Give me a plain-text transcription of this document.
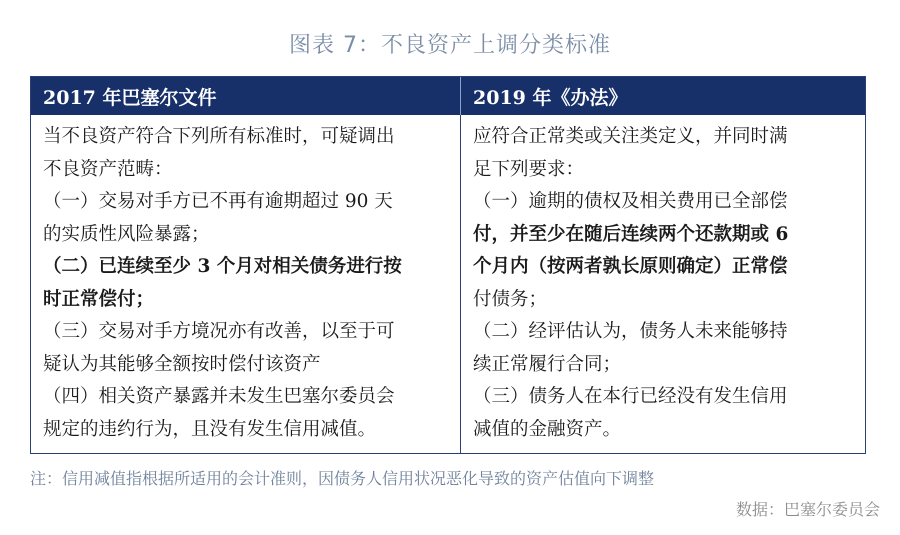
图表 7：不良资产上调分类标准
2017 年巴塞尔文件	2019 年《办法》

当不良资产符合下列所有标准时，可疑调出

不良资产范畴：

（一）交易对手方已不再有逾期超过 90 天

的实质性风险暴露；

（二）已连续至少 3 个月对相关债务进行按

时正常偿付；

（三）交易对手方境况亦有改善，以至于可

疑认为其能够全额按时偿付该资产

（四）相关资产暴露并未发生巴塞尔委员会

规定的违约行为，且没有发生信用减值。

应符合正常类或关注类定义，并同时满

足下列要求：

（一）逾期的债权及相关费用已全部偿

付，并至少在随后连续两个还款期或 6

个月内（按两者孰长原则确定）正常偿

付债务；

（二）经评估认为，债务人未来能够持

续正常履行合同；

（三）债务人在本行已经没有发生信用

减值的金融资产。

注：信用减值指根据所适用的会计准则，因债务人信用状况恶化导致的资产估值向下调整
数据：巴塞尔委员会
